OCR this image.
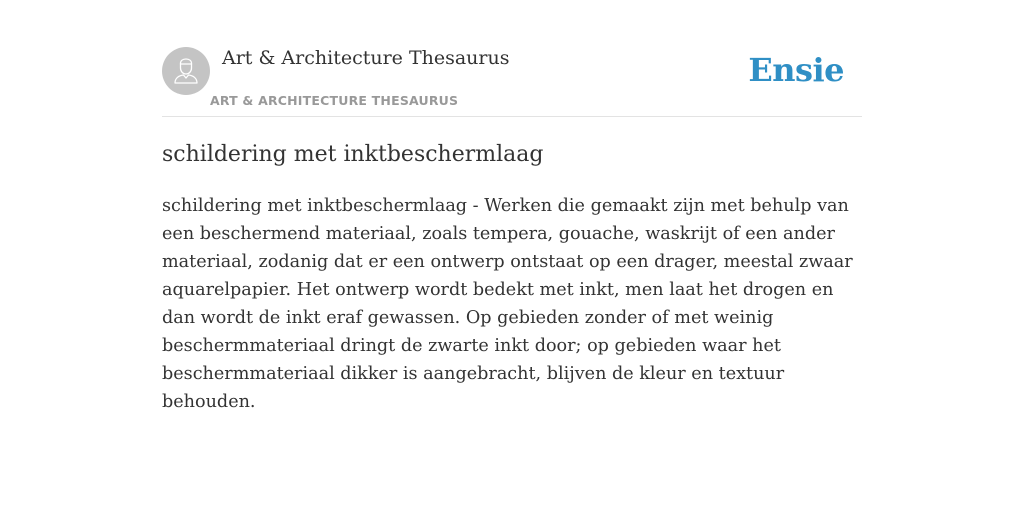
Art & Architecture Thesaurus
ART & ARCHITECTURE THESAURUS
Ensie
schildering met inktbeschermlaag

schildering met inktbeschermlaag - Werken die gemaakt zijn met behulp van een beschermend materiaal, zoals tempera, gouache, waskrijt of een ander materiaal, zodanig dat er een ontwerp ontstaat op een drager, meestal zwaar aquarelpapier. Het ontwerp wordt bedekt met inkt, men laat het drogen en dan wordt de inkt eraf gewassen. Op gebieden zonder of met weinig beschermmateriaal dringt de zwarte inkt door; op gebieden waar het beschermmateriaal dikker is aangebracht, blijven de kleur en textuur behouden.
